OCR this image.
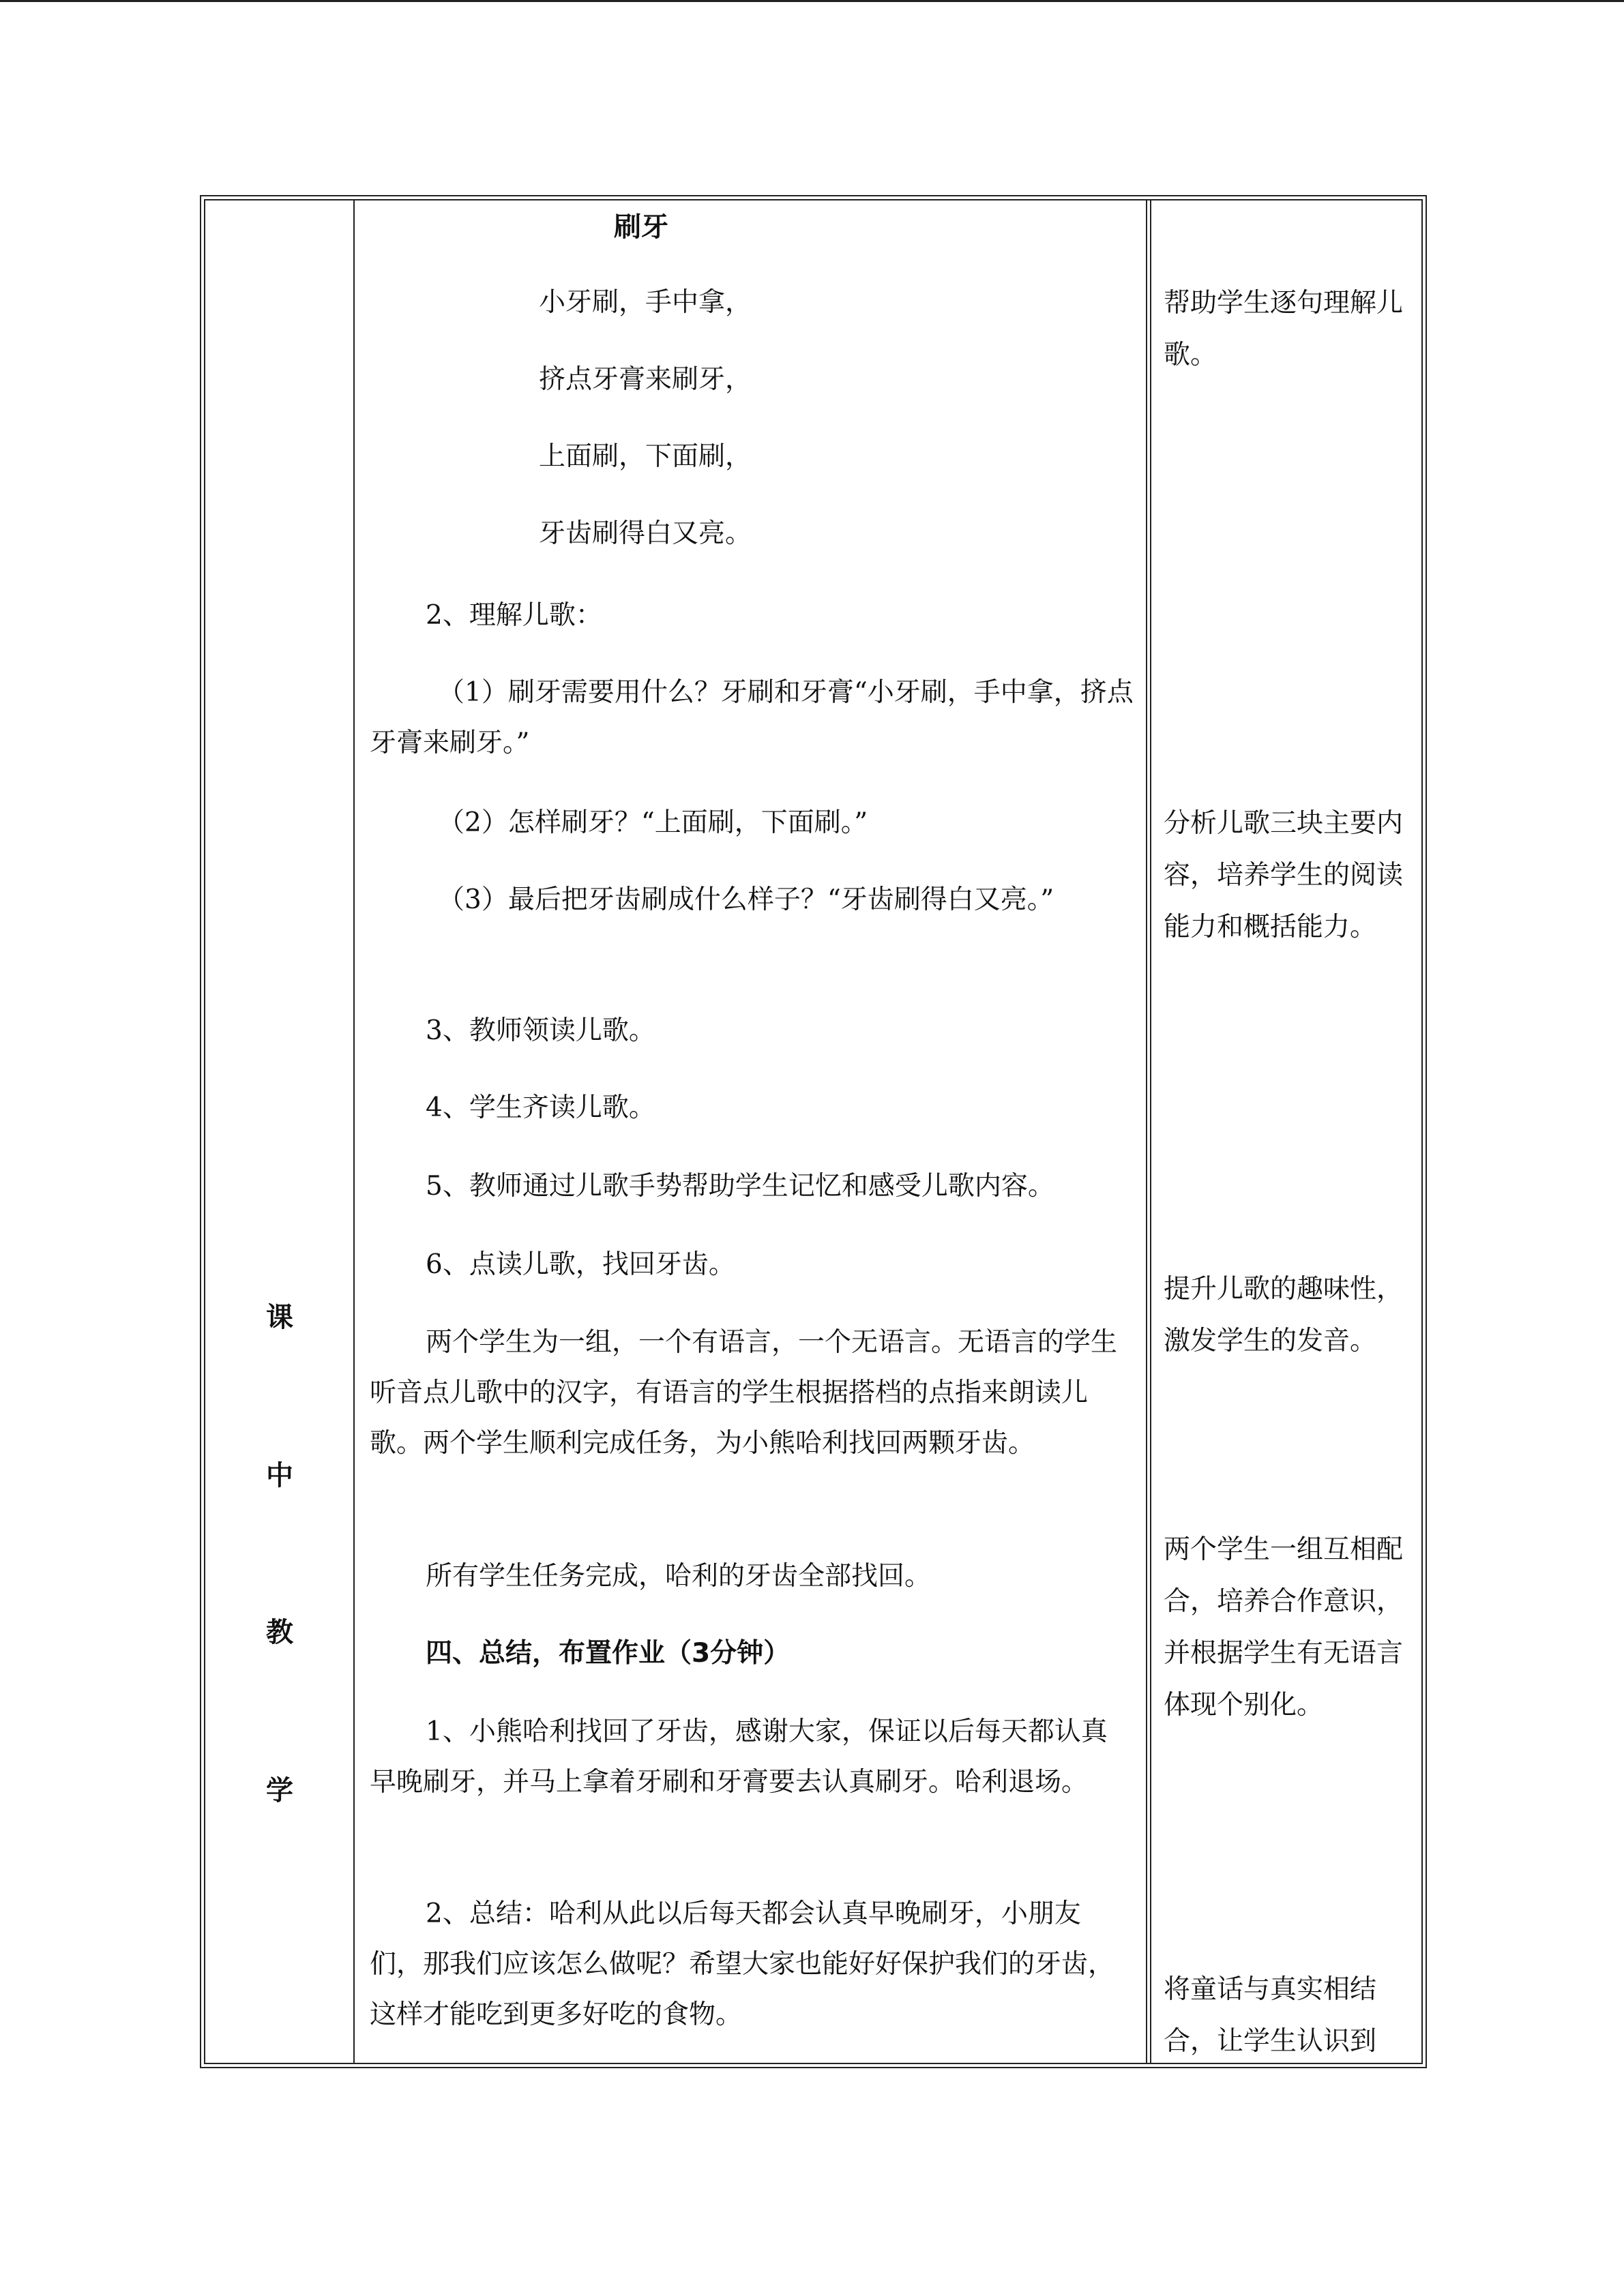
课
中
教
学
刷牙
小牙刷，手中拿，
挤点牙膏来刷牙，
上面刷，下面刷，
牙齿刷得白又亮。
2、理解儿歌：
（1）刷牙需要用什么？牙刷和牙膏“小牙刷，手中拿，挤点牙膏来刷牙。”
（2）怎样刷牙？“上面刷，下面刷。”
（3）最后把牙齿刷成什么样子？“牙齿刷得白又亮。”
3、教师领读儿歌。
4、学生齐读儿歌。
5、教师通过儿歌手势帮助学生记忆和感受儿歌内容。
6、点读儿歌，找回牙齿。
两个学生为一组，一个有语言，一个无语言。无语言的学生听音点儿歌中的汉字，有语言的学生根据搭档的点指来朗读儿歌。两个学生顺利完成任务，为小熊哈利找回两颗牙齿。
所有学生任务完成，哈利的牙齿全部找回。
四、总结，布置作业（3分钟）
1、小熊哈利找回了牙齿，感谢大家，保证以后每天都认真早晚刷牙，并马上拿着牙刷和牙膏要去认真刷牙。哈利退场。
2、总结：哈利从此以后每天都会认真早晚刷牙，小朋友们，那我们应该怎么做呢？希望大家也能好好保护我们的牙齿，这样才能吃到更多好吃的食物。
帮助学生逐句理解儿歌。
分析儿歌三块主要内容，培养学生的阅读能力和概括能力。
提升儿歌的趣味性，激发学生的发音。
两个学生一组互相配合，培养合作意识，并根据学生有无语言体现个别化。
将童话与真实相结合，让学生认识到
